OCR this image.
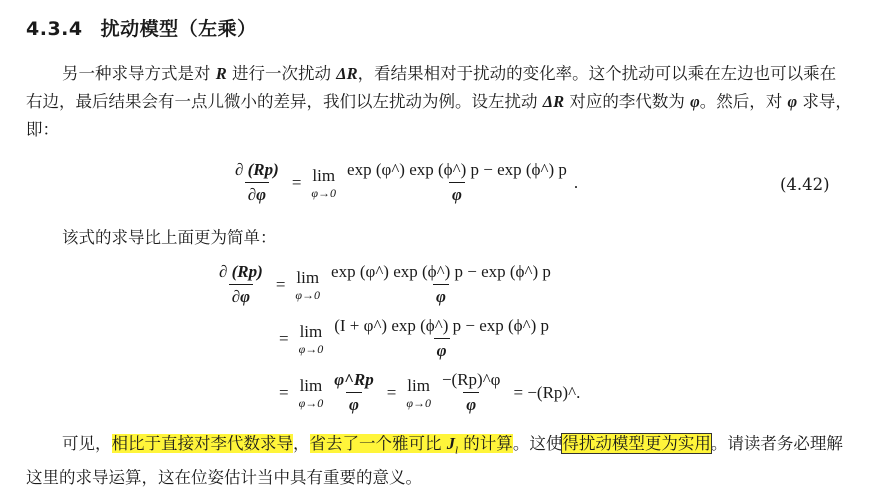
4.3.4 扰动模型（左乘）
另一种求导方式是对 R 进行一次扰动 ΔR，看结果相对于扰动的变化率。这个扰动可以乘在左边也可以乘在右边，最后结果会有一点儿微小的差异，我们以左扰动为例。设左扰动 ΔR 对应的李代数为 φ。然后，对 φ 求导，即：
$\frac{\partial (Rp)}{\partial\varphi} = \lim$
$\varphi\to 0 \frac{\exp (\varphi\^{}) \exp (\phi\^{}) p - \exp (\phi\^{}) p}{\varphi}$ .	(4.42)
该式的求导比上面更为简单：
$\frac{\partial (Rp)}{\partial\varphi} = \lim$
$\varphi\to 0 \frac{\exp (\varphi\^{}) \exp (\phi\^{}) p - \exp (\phi\^{}) p}{\varphi}$
= lim
$\varphi\to 0 \frac{(I + \varphi\^{}) \exp (\phi\^{}) p - \exp (\phi\^{}) p}{\varphi}$
= lim
$\varphi\to 0 \frac{\varphi\^{}Rp}{\varphi} = \lim$
$\varphi\to 0 \frac{-(Rp)\^{}\varphi}{\varphi}$ = −(Rp)^.
可见，相比于直接对李代数求导，省去了一个雅可比 $J_l$ 的计算。这使得扰动模型更为实用。请读者务必理解这里的求导运算，这在位姿估计当中具有重要的意义。
